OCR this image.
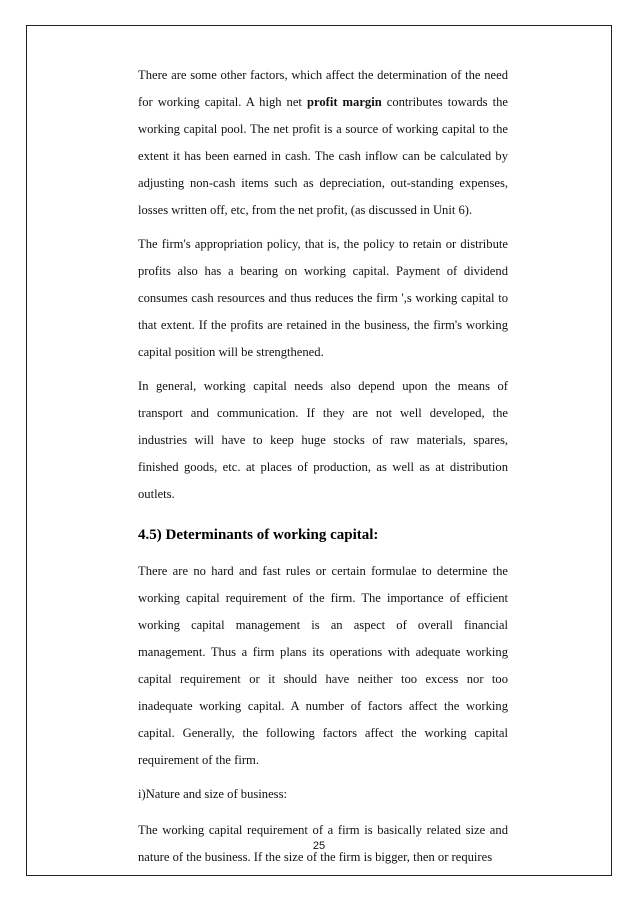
There are some other factors, which affect the determination of the need for working capital. A high net profit margin contributes towards the working capital pool. The net profit is a source of working capital to the extent it has been earned in cash. The cash inflow can be calculated by adjusting non-cash items such as depreciation, out-standing expenses, losses written off, etc, from the net profit, (as discussed in Unit 6).

The firm's appropriation policy, that is, the policy to retain or distribute profits also has a bearing on working capital. Payment of dividend consumes cash resources and thus reduces the firm ',s working capital to that extent. If the profits are retained in the business, the firm's working capital position will be strengthened.

In general, working capital needs also depend upon the means of transport and communication. If they are not well developed, the industries will have to keep huge stocks of raw materials, spares, finished goods, etc. at places of production, as well as at distribution outlets.

4.5) Determinants of working capital:

There are no hard and fast rules or certain formulae to determine the working capital requirement of the firm. The importance of efficient working capital management is an aspect of overall financial management. Thus a firm plans its operations with adequate working capital requirement or it should have neither too excess nor too inadequate working capital. A number of factors affect the working capital. Generally, the following factors affect the working capital requirement of the firm.

i)Nature and size of business:

The working capital requirement of a firm is basically related size and nature of the business. If the size of the firm is bigger, then or requires

25
